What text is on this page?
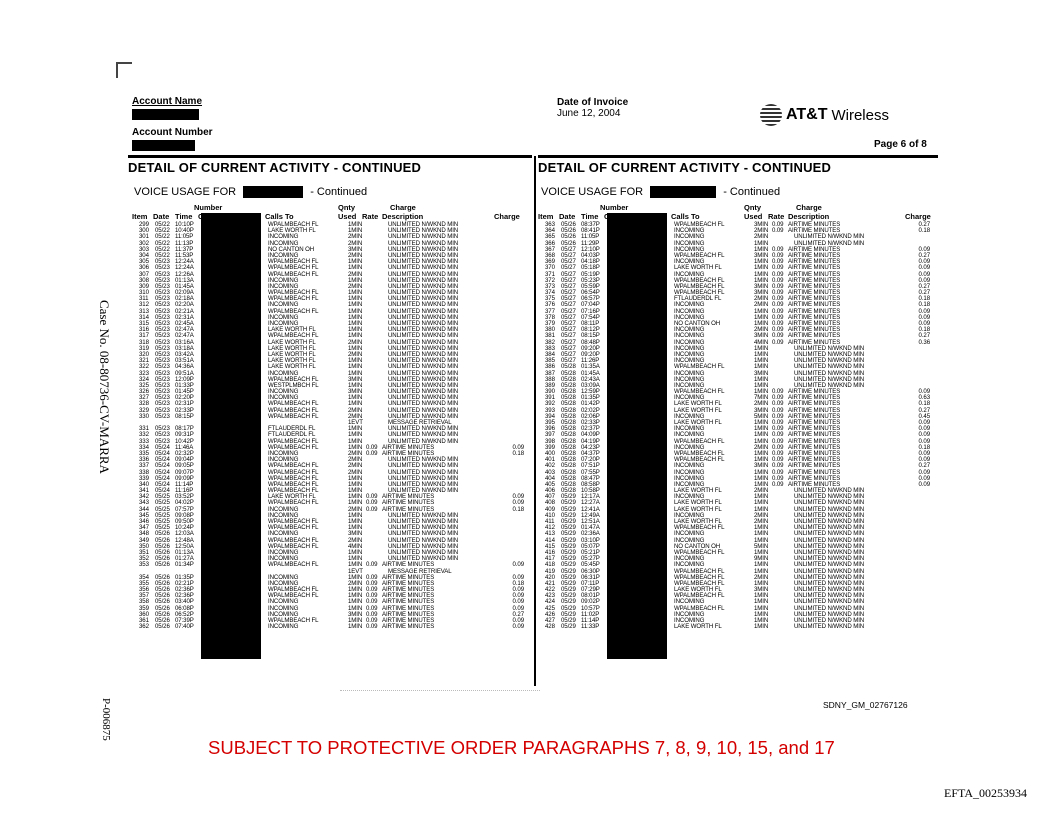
Account Name
Account Number
Date of Invoice
June 12, 2004	AT&T Wireless
Page 6 of 8
DETAIL OF CURRENT ACTIVITY - CONTINUED	DETAIL OF CURRENT ACTIVITY - CONTINUED
VOICE USAGE FOR	- Continued	VOICE USAGE FOR	- Continued
299 05/22 10:10P	WPALMBEACH FL	1MIN	UNLIMITED N/WKND MIN
300 05/22 10:40P	LAKE WORTH FL	1MIN	UNLIMITED N/WKND MIN
301 05/22 11:05P	INCOMING	2MIN	UNLIMITED N/WKND MIN
302 05/22 11:13P	INCOMING	2MIN	UNLIMITED N/WKND MIN
303 05/22 11:37P	NO CANTON OH	3MIN	UNLIMITED N/WKND MIN
304 05/22 11:53P	INCOMING	2MIN	UNLIMITED N/WKND MIN
305 05/23 12:24A	WPALMBEACH FL	1MIN	UNLIMITED N/WKND MIN
306 05/23 12:24A	WPALMBEACH FL	1MIN	UNLIMITED N/WKND MIN
307 05/23 12:26A	WPALMBEACH FL	2MIN	UNLIMITED N/WKND MIN
308 05/23 01:13A	INCOMING	1MIN	UNLIMITED N/WKND MIN
309 05/23 01:45A	INCOMING	2MIN	UNLIMITED N/WKND MIN
310 05/23 02:09A	WPALMBEACH FL	1MIN	UNLIMITED N/WKND MIN
311 05/23 02:18A	WPALMBEACH FL	1MIN	UNLIMITED N/WKND MIN
312 05/23 02:20A	INCOMING	1MIN	UNLIMITED N/WKND MIN
313 05/23 02:21A	WPALMBEACH FL	1MIN	UNLIMITED N/WKND MIN
314 05/23 02:31A	INCOMING	1MIN	UNLIMITED N/WKND MIN
315 05/23 02:45A	INCOMING	1MIN	UNLIMITED N/WKND MIN
316 05/23 02:47A	LAKE WORTH FL	1MIN	UNLIMITED N/WKND MIN
317 05/23 02:47A	WPALMBEACH FL	1MIN	UNLIMITED N/WKND MIN
318 05/23 03:16A	LAKE WORTH FL	2MIN	UNLIMITED N/WKND MIN
319 05/23 03:18A	LAKE WORTH FL	1MIN	UNLIMITED N/WKND MIN
320 05/23 03:42A	LAKE WORTH FL	2MIN	UNLIMITED N/WKND MIN
321 05/23 03:51A	LAKE WORTH FL	1MIN	UNLIMITED N/WKND MIN
322 05/23 04:36A	LAKE WORTH FL	1MIN	UNLIMITED N/WKND MIN
323 05/23 09:51A	INCOMING	1MIN	UNLIMITED N/WKND MIN
324 05/23 12:09P	WPALMBEACH FL	3MIN	UNLIMITED N/WKND MIN
325 05/23 01:33P	WESTPLMBCH FL	1MIN	UNLIMITED N/WKND MIN
326 05/23 01:45P	INCOMING	3MIN	UNLIMITED N/WKND MIN
327 05/23 02:20P	INCOMING	1MIN	UNLIMITED N/WKND MIN
328 05/23 02:31P	WPALMBEACH FL	1MIN	UNLIMITED N/WKND MIN
329 05/23 02:33P	WPALMBEACH FL	2MIN	UNLIMITED N/WKND MIN
330 05/23 08:15P	WPALMBEACH FL	2MIN	UNLIMITED N/WKND MIN
1EVT	MESSAGE RETRIEVAL
331 05/23 08:17P	FTLAUDERDL FL	1MIN	UNLIMITED N/WKND MIN
332 05/23 09:31P	FTLAUDERDL FL	1MIN	UNLIMITED N/WKND MIN
333 05/23 10:42P	WPALMBEACH FL	1MIN	UNLIMITED N/WKND MIN
334 05/24 11:46A	WPALMBEACH FL	1MIN 0.09 AIRTIME MINUTES	0.09
335 05/24 02:32P	INCOMING	2MIN 0.09 AIRTIME MINUTES	0.18
336 05/24 09:04P	INCOMING	2MIN	UNLIMITED N/WKND MIN
337 05/24 09:05P	WPALMBEACH FL	2MIN	UNLIMITED N/WKND MIN
338 05/24 09:07P	WPALMBEACH FL	2MIN	UNLIMITED N/WKND MIN
339 05/24 09:09P	WPALMBEACH FL	1MIN	UNLIMITED N/WKND MIN
340 05/24 11:14P	WPALMBEACH FL	1MIN	UNLIMITED N/WKND MIN
341 05/24 11:16P	WPALMBEACH FL	1MIN	UNLIMITED N/WKND MIN
342 05/25 03:52P	LAKE WORTH FL	1MIN 0.09 AIRTIME MINUTES	0.09
343 05/25 04:02P	WPALMBEACH FL	1MIN 0.09 AIRTIME MINUTES	0.09
344 05/25 07:57P	INCOMING	2MIN 0.09 AIRTIME MINUTES	0.18
345 05/25 09:08P	INCOMING	1MIN	UNLIMITED N/WKND MIN
346 05/25 09:50P	WPALMBEACH FL	1MIN	UNLIMITED N/WKND MIN
347 05/25 10:24P	WPALMBEACH FL	1MIN	UNLIMITED N/WKND MIN
348 05/26 12:03A	INCOMING	3MIN	UNLIMITED N/WKND MIN
349 05/26 12:48A	WPALMBEACH FL	2MIN	UNLIMITED N/WKND MIN
350 05/26 12:50A	WPALMBEACH FL	4MIN	UNLIMITED N/WKND MIN
351 05/26 01:13A	INCOMING	1MIN	UNLIMITED N/WKND MIN
352 05/26 01:27A	INCOMING	1MIN	UNLIMITED N/WKND MIN
353 05/26 01:34P	WPALMBEACH FL	1MIN 0.09 AIRTIME MINUTES	0.09
1EVT	MESSAGE RETRIEVAL
354 05/26 01:35P	INCOMING	1MIN 0.09 AIRTIME MINUTES	0.09
355 05/26 02:21P	INCOMING	2MIN 0.09 AIRTIME MINUTES	0.18
356 05/26 02:36P	WPALMBEACH FL	1MIN 0.09 AIRTIME MINUTES	0.09
357 05/26 02:36P	WPALMBEACH FL	1MIN 0.09 AIRTIME MINUTES	0.09
358 05/26 03:40P	INCOMING	1MIN 0.09 AIRTIME MINUTES	0.09
359 05/26 06:08P	INCOMING	1MIN 0.09 AIRTIME MINUTES	0.09
360 05/26 06:52P	INCOMING	3MIN 0.09 AIRTIME MINUTES	0.27
361 05/26 07:39P	WPALMBEACH FL	1MIN 0.09 AIRTIME MINUTES	0.09
362 05/26 07:40P	INCOMING	1MIN 0.09 AIRTIME MINUTES	0.09
363 05/26 08:37P	WPALMBEACH FL	3MIN 0.09 AIRTIME MINUTES	0.27
364 05/26 08:41P	INCOMING	2MIN 0.09 AIRTIME MINUTES	0.18
365 05/26 11:05P	INCOMING	2MIN	UNLIMITED N/WKND MIN
366 05/26 11:29P	INCOMING	1MIN	UNLIMITED N/WKND MIN
367 05/27 12:10P	INCOMING	1MIN 0.09 AIRTIME MINUTES	0.09
368 05/27 04:03P	WPALMBEACH FL	3MIN 0.09 AIRTIME MINUTES	0.27
369 05/27 04:18P	INCOMING	1MIN 0.09 AIRTIME MINUTES	0.09
370 05/27 05:18P	LAKE WORTH FL	1MIN 0.09 AIRTIME MINUTES	0.09
371 05/27 05:19P	INCOMING	1MIN 0.09 AIRTIME MINUTES	0.09
372 05/27 05:23P	WPALMBEACH FL	1MIN 0.09 AIRTIME MINUTES	0.09
373 05/27 05:59P	WPALMBEACH FL	3MIN 0.09 AIRTIME MINUTES	0.27
374 05/27 06:54P	WPALMBEACH FL	3MIN 0.09 AIRTIME MINUTES	0.27
375 05/27 06:57P	FTLAUDERDL FL	2MIN 0.09 AIRTIME MINUTES	0.18
376 05/27 07:04P	INCOMING	2MIN 0.09 AIRTIME MINUTES	0.18
377 05/27 07:16P	INCOMING	1MIN 0.09 AIRTIME MINUTES	0.09
378 05/27 07:54P	INCOMING	1MIN 0.09 AIRTIME MINUTES	0.09
379 05/27 08:11P	NO CANTON OH	1MIN 0.09 AIRTIME MINUTES	0.09
380 05/27 08:12P	INCOMING	2MIN 0.09 AIRTIME MINUTES	0.18
381 05/27 08:15P	INCOMING	3MIN 0.09 AIRTIME MINUTES	0.27
382 05/27 08:48P	INCOMING	4MIN 0.09 AIRTIME MINUTES	0.36
383 05/27 09:20P	INCOMING	1MIN	UNLIMITED N/WKND MIN
384 05/27 09:20P	INCOMING	1MIN	UNLIMITED N/WKND MIN
385 05/27 11:26P	INCOMING	1MIN	UNLIMITED N/WKND MIN
386 05/28 01:35A	WPALMBEACH FL	1MIN	UNLIMITED N/WKND MIN
387 05/28 01:45A	INCOMING	3MIN	UNLIMITED N/WKND MIN
388 05/28 02:43A	INCOMING	1MIN	UNLIMITED N/WKND MIN
389 05/28 03:09A	INCOMING	1MIN	UNLIMITED N/WKND MIN
390 05/28 12:59P	WPALMBEACH FL	1MIN 0.09 AIRTIME MINUTES	0.09
391 05/28 01:35P	INCOMING	7MIN 0.09 AIRTIME MINUTES	0.63
392 05/28 01:42P	LAKE WORTH FL	2MIN 0.09 AIRTIME MINUTES	0.18
393 05/28 02:02P	LAKE WORTH FL	3MIN 0.09 AIRTIME MINUTES	0.27
394 05/28 02:06P	INCOMING	5MIN 0.09 AIRTIME MINUTES	0.45
395 05/28 02:33P	LAKE WORTH FL	1MIN 0.09 AIRTIME MINUTES	0.09
396 05/28 02:37P	INCOMING	1MIN 0.09 AIRTIME MINUTES	0.09
397 05/28 04:09P	INCOMING	1MIN 0.09 AIRTIME MINUTES	0.09
398 05/28 04:19P	WPALMBEACH FL	1MIN 0.09 AIRTIME MINUTES	0.09
399 05/28 04:23P	INCOMING	2MIN 0.09 AIRTIME MINUTES	0.18
400 05/28 04:37P	WPALMBEACH FL	1MIN 0.09 AIRTIME MINUTES	0.09
401 05/28 07:20P	WPALMBEACH FL	1MIN 0.09 AIRTIME MINUTES	0.09
402 05/28 07:51P	INCOMING	3MIN 0.09 AIRTIME MINUTES	0.27
403 05/28 07:55P	INCOMING	1MIN 0.09 AIRTIME MINUTES	0.09
404 05/28 08:47P	INCOMING	1MIN 0.09 AIRTIME MINUTES	0.09
405 05/28 08:58P	INCOMING	1MIN 0.09 AIRTIME MINUTES	0.09
406 05/28 10:58P	LAKE WORTH FL	2MIN	UNLIMITED N/WKND MIN
407 05/29 12:17A	INCOMING	1MIN	UNLIMITED N/WKND MIN
408 05/29 12:27A	LAKE WORTH FL	1MIN	UNLIMITED N/WKND MIN
409 05/29 12:41A	LAKE WORTH FL	1MIN	UNLIMITED N/WKND MIN
410 05/29 12:49A	INCOMING	2MIN	UNLIMITED N/WKND MIN
411 05/29 12:51A	LAKE WORTH FL	2MIN	UNLIMITED N/WKND MIN
412 05/29 01:47A	WPALMBEACH FL	1MIN	UNLIMITED N/WKND MIN
413 05/29 02:36A	INCOMING	1MIN	UNLIMITED N/WKND MIN
414 05/29 03:10P	INCOMING	1MIN	UNLIMITED N/WKND MIN
415 05/29 05:07P	NO CANTON OH	5MIN	UNLIMITED N/WKND MIN
416 05/29 05:21P	WPALMBEACH FL	1MIN	UNLIMITED N/WKND MIN
417 05/29 05:27P	INCOMING	9MIN	UNLIMITED N/WKND MIN
418 05/29 05:45P	INCOMING	1MIN	UNLIMITED N/WKND MIN
419 05/29 06:30P	WPALMBEACH FL	1MIN	UNLIMITED N/WKND MIN
420 05/29 06:31P	WPALMBEACH FL	2MIN	UNLIMITED N/WKND MIN
421 05/29 07:11P	WPALMBEACH FL	1MIN	UNLIMITED N/WKND MIN
422 05/29 07:29P	LAKE WORTH FL	3MIN	UNLIMITED N/WKND MIN
423 05/29 08:01P	WPALMBEACH FL	1MIN	UNLIMITED N/WKND MIN
424 05/29 09:02P	INCOMING	1MIN	UNLIMITED N/WKND MIN
425 05/29 10:57P	WPALMBEACH FL	1MIN	UNLIMITED N/WKND MIN
426 05/29 11:02P	INCOMING	1MIN	UNLIMITED N/WKND MIN
427 05/29 11:14P	INCOMING	1MIN	UNLIMITED N/WKND MIN
428 05/29 11:33P	LAKE WORTH FL	1MIN	UNLIMITED N/WKND MIN
Case No. 08-80736-CV-MARRA
P-006875	SDNY_GM_02767126
SUBJECT TO PROTECTIVE ORDER PARAGRAPHS 7, 8, 9, 10, 15, and 17
EFTA_00253934
Number	Qnty	Charge
Item Date Time Called	Calls To	Used Rate Description	Charge
Number	Qnty	Charge
Item Date Time Called	Calls To	Used Rate Description	Charge
